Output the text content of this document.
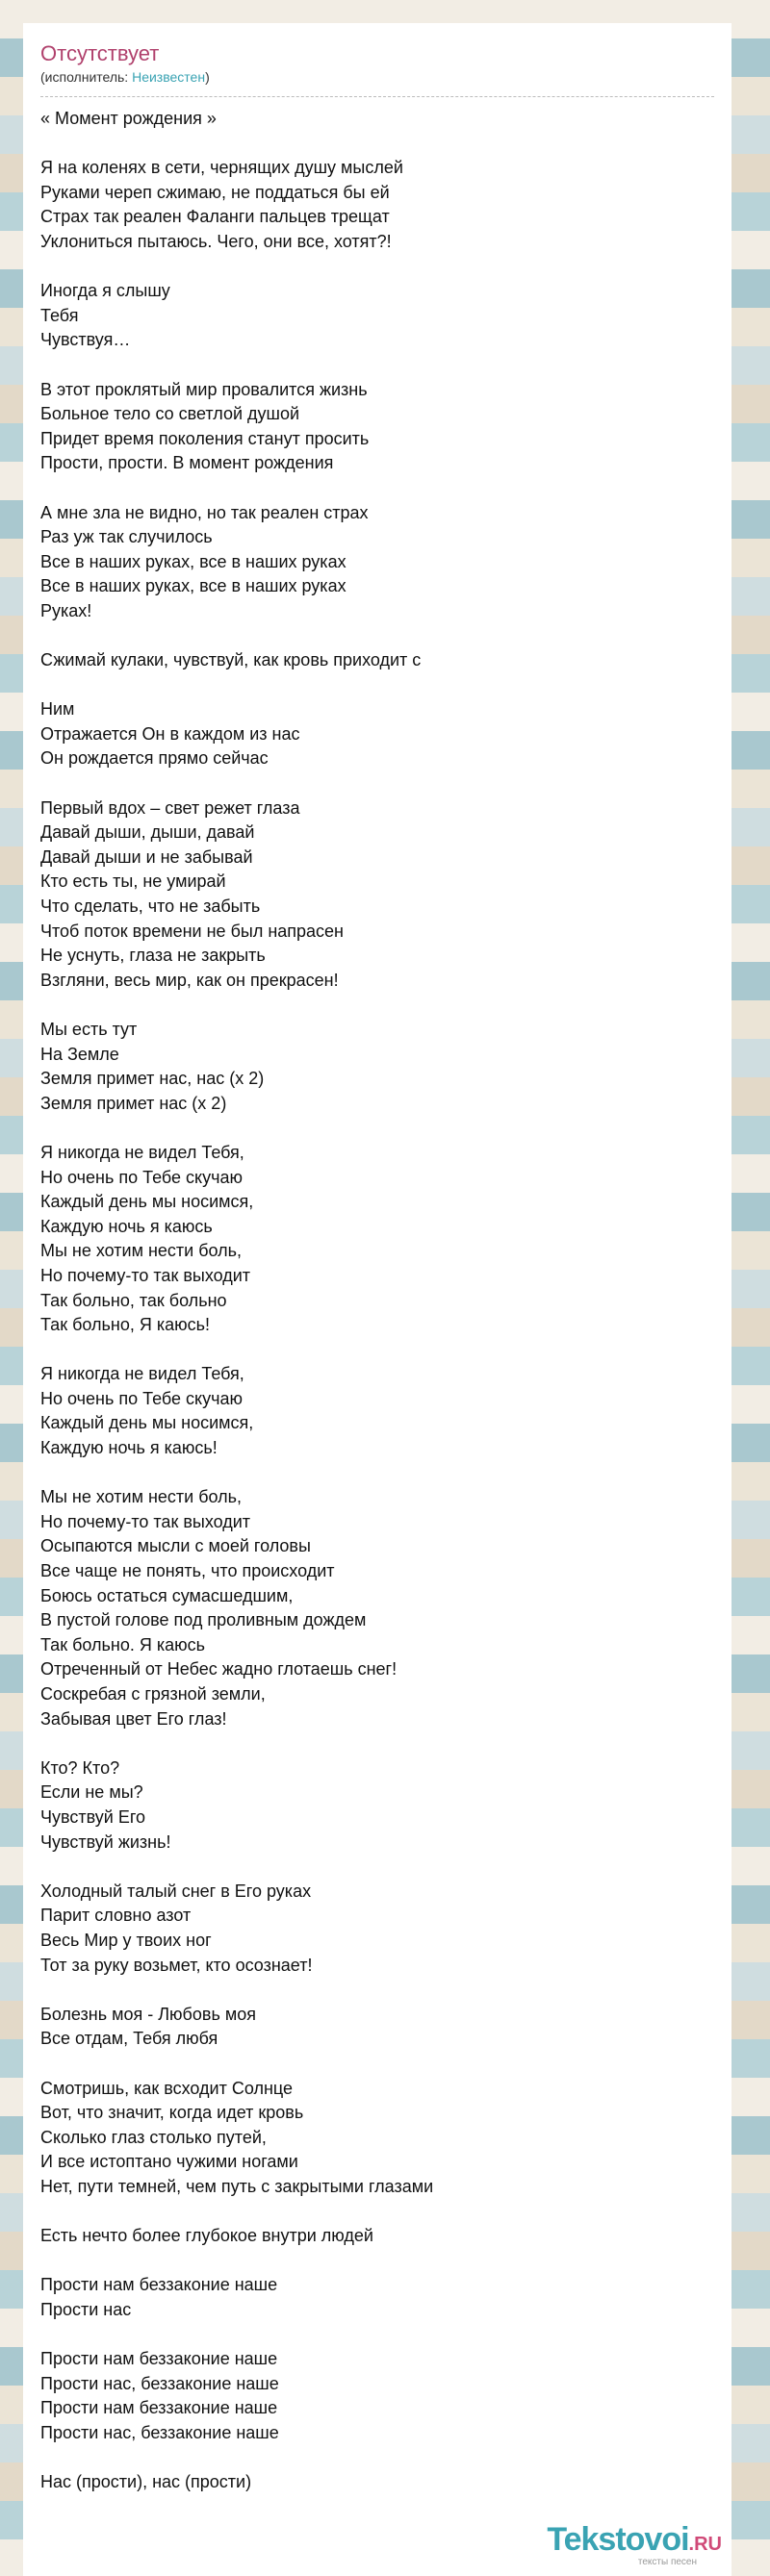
Отсутствует
(исполнитель: Неизвестен)
« Момент рождения »
Я на коленях в сети, чернящих душу мыслей
Руками череп сжимаю, не поддаться бы ей
Страх так реален Фаланги пальцев трещат
Уклониться пытаюсь. Чего, они все, хотят?!
Иногда я слышу
Тебя
Чувствуя…
В этот проклятый мир провалится жизнь
Больное тело со светлой душой
Придет время поколения станут просить
Прости, прости. В момент рождения
А мне зла не видно, но так реален страх
Раз уж так случилось
Все в наших руках, все в наших руках
Все в наших руках, все в наших руках
Руках!
Сжимай кулаки, чувствуй, как кровь приходит с
Ним
Отражается Он в каждом из нас
Он рождается прямо сейчас
Первый вдох – свет режет глаза
Давай дыши, дыши, давай
Давай дыши и не забывай
Кто есть ты, не умирай
Что сделать, что не забыть
Чтоб поток времени не был напрасен
Не уснуть, глаза не закрыть
Взгляни, весь мир, как он прекрасен!
Мы есть тут
На Земле
Земля примет нас, нас (x 2)
Земля примет нас (x 2)
Я никогда не видел Тебя,
Но очень по Тебе скучаю
Каждый день мы носимся,
Каждую ночь я каюсь
Мы не хотим нести боль,
Но почему-то так выходит
Так больно, так больно
Так больно, Я каюсь!
Я никогда не видел Тебя,
Но очень по Тебе скучаю
Каждый день мы носимся,
Каждую ночь я каюсь!
Мы не хотим нести боль,
Но почему-то так выходит
Осыпаются мысли с моей головы
Все чаще не понять, что происходит
Боюсь остаться сумасшедшим,
В пустой голове под проливным дождем
Так больно. Я каюсь
Отреченный от Небес жадно глотаешь снег!
Соскребая с грязной земли,
Забывая цвет Его глаз!
Кто? Кто?
Если не мы?
Чувствуй Его
Чувствуй жизнь!
Холодный талый снег в Его руках
Парит словно азот
Весь Мир у твоих ног
Тот за руку возьмет, кто осознает!
Болезнь моя - Любовь моя
Все отдам, Тебя любя
Смотришь, как всходит Солнце
Вот, что значит, когда идет кровь
Сколько глаз столько путей,
И все истоптано чужими ногами
Нет, пути темней, чем путь с закрытыми глазами
Есть нечто более глубокое внутри людей
Прости нам беззаконие наше
Прости нас
Прости нам беззаконие наше
Прости нас, беззаконие наше
Прости нам беззаконие наше
Прости нас, беззаконие наше
Нас (прости), нас (прости)
Tekstovoi.RU
тексты песен
